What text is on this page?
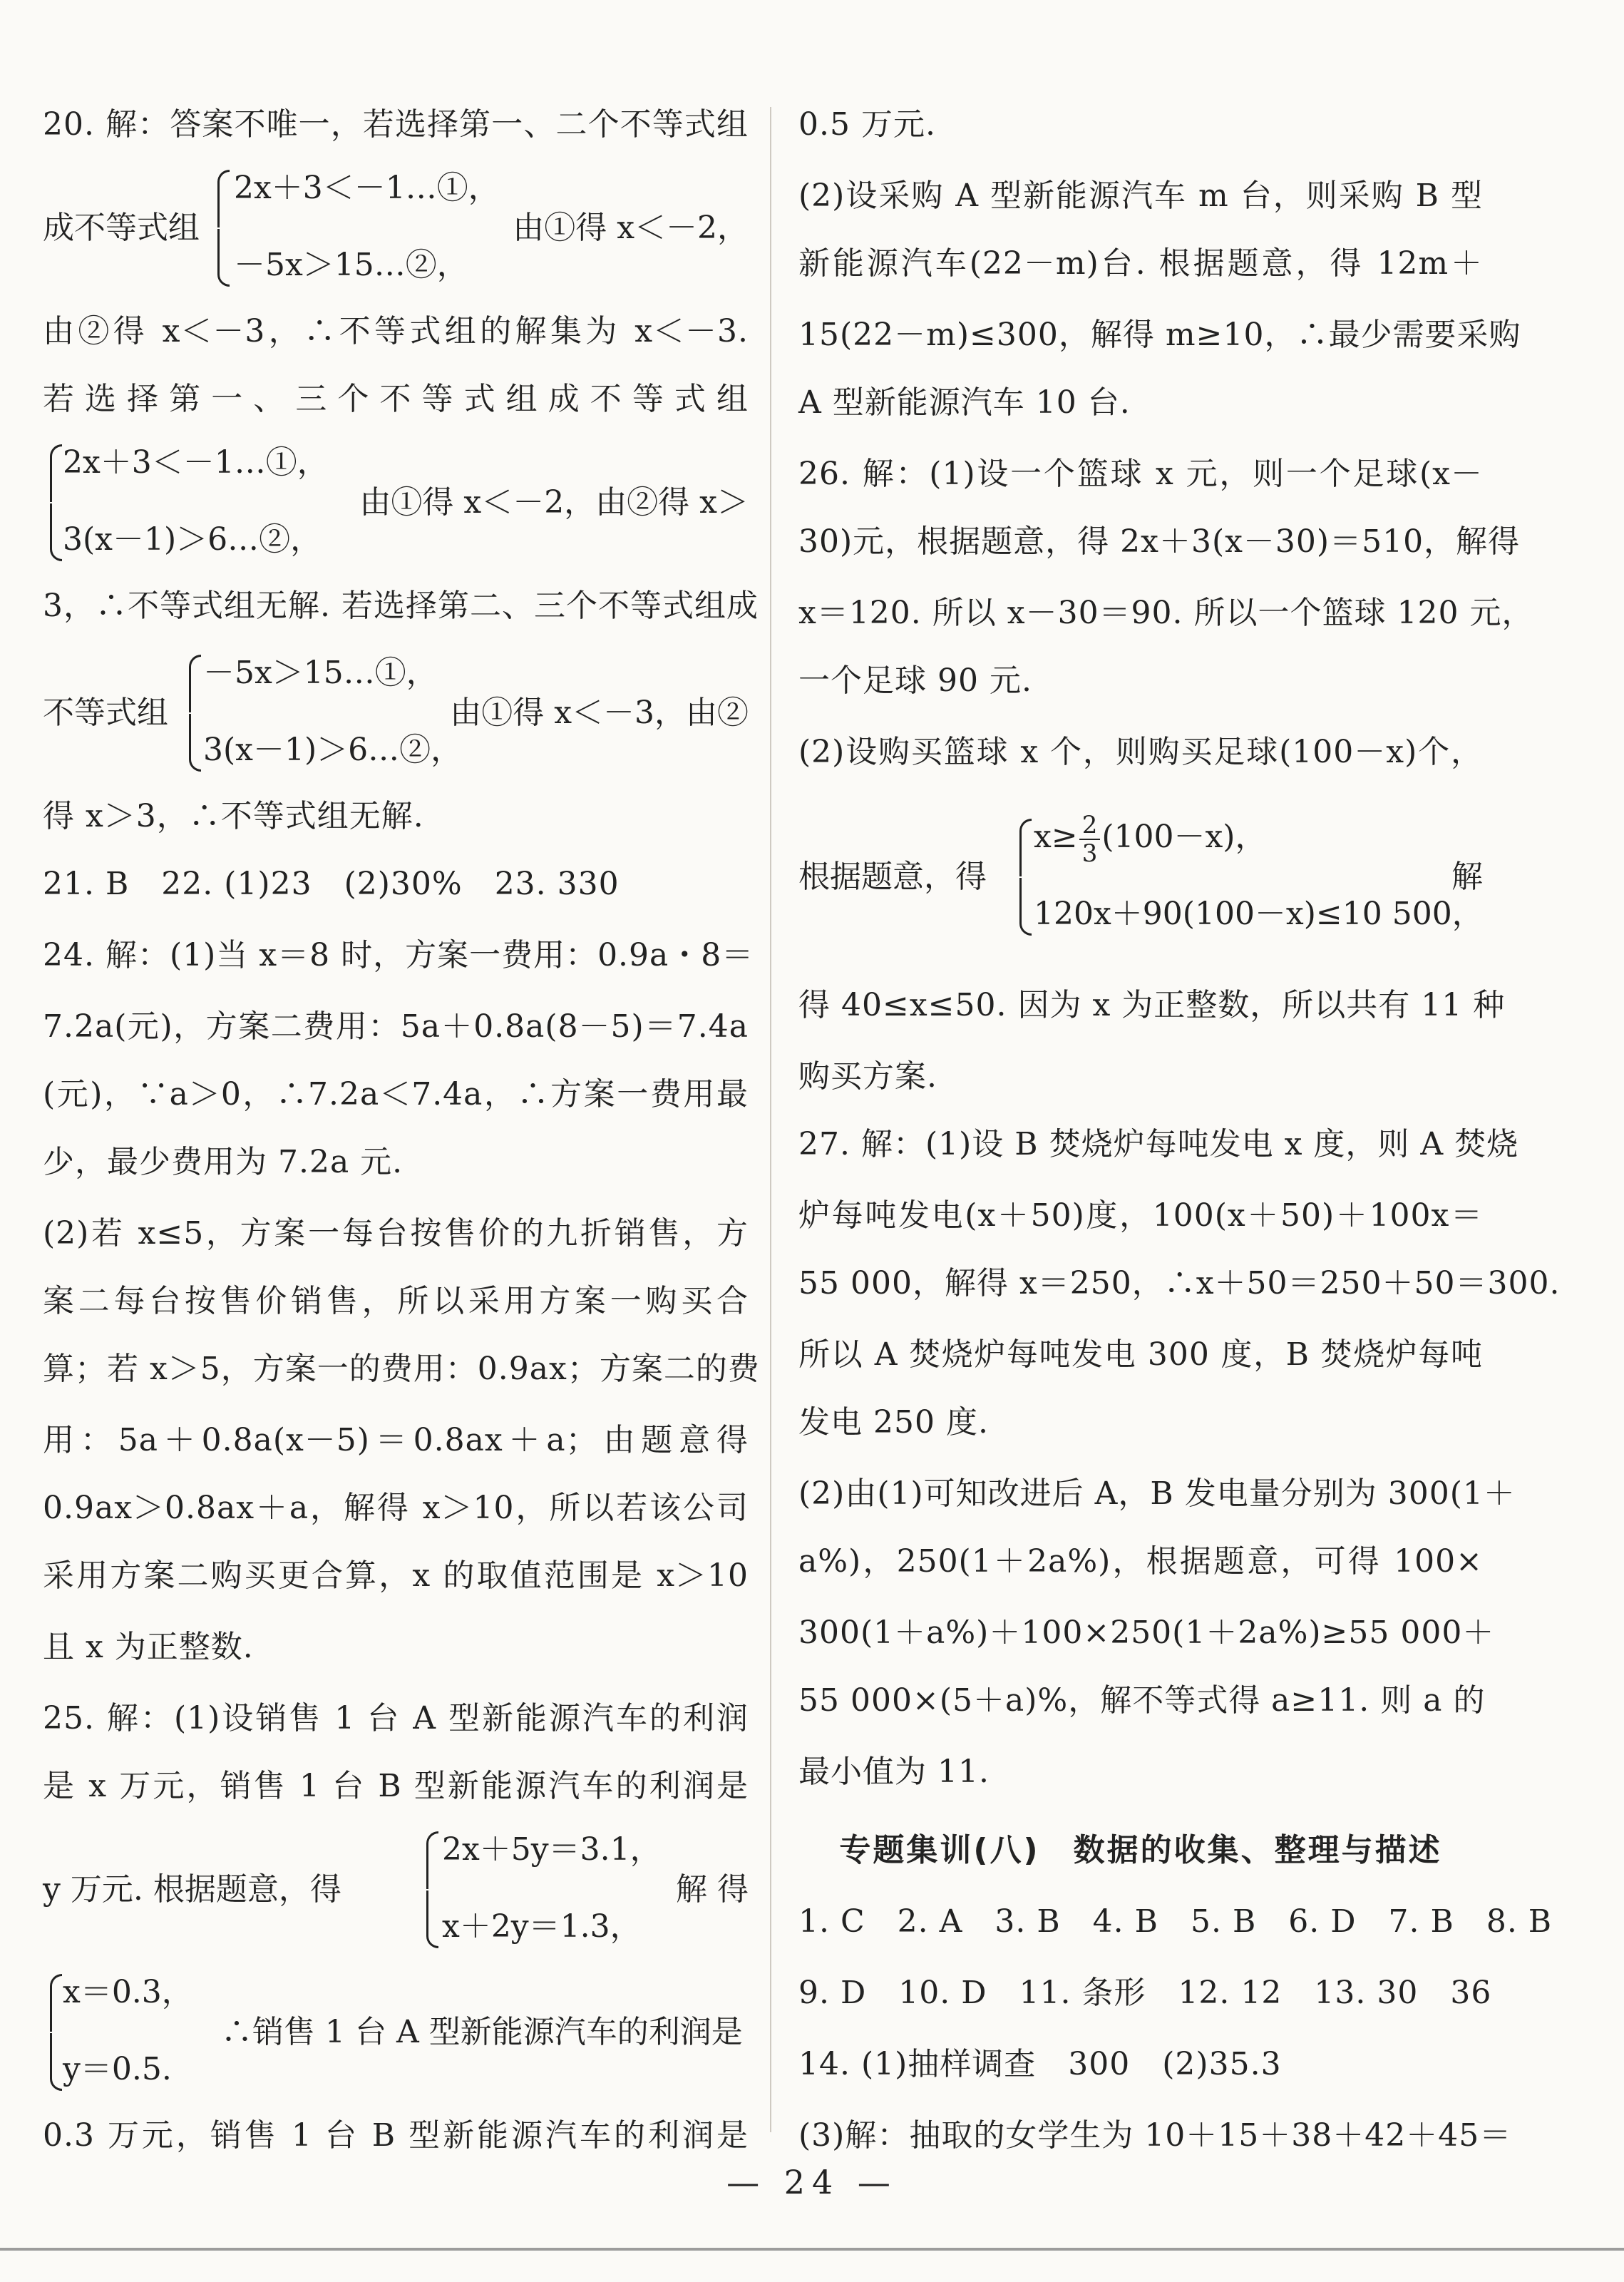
20. 解：答案不唯一，若选择第一、二个不等式组
成不等式组
2x＋3＜－1…①，
－5x＞15…②，
由①得 x＜－2，
由②得 x＜－3，∴不等式组的解集为 x＜－3.
若选择第一、三个不等式组成不等式组
2x＋3＜－1…①，
3(x－1)＞6…②，
由①得 x＜－2，由②得 x＞
3，∴不等式组无解. 若选择第二、三个不等式组成
不等式组
－5x＞15…①，
3(x－1)＞6…②，
由①得 x＜－3，由②
得 x＞3，∴不等式组无解.
21. B　22. (1)23　(2)30%　23. 330
24. 解：(1)当 x＝8 时，方案一费用：0.9a・8＝
7.2a(元)，方案二费用：5a＋0.8a(8－5)＝7.4a
(元)，∵a＞0，∴7.2a＜7.4a，∴方案一费用最
少，最少费用为 7.2a 元.
(2)若 x≤5，方案一每台按售价的九折销售，方
案二每台按售价销售，所以采用方案一购买合
算；若 x＞5，方案一的费用：0.9ax；方案二的费
用：5a＋0.8a(x－5)＝0.8ax＋a；由题意得
0.9ax＞0.8ax＋a，解得 x＞10，所以若该公司
采用方案二购买更合算，x 的取值范围是 x＞10
且 x 为正整数.
25. 解：(1)设销售 1 台 A 型新能源汽车的利润
是 x 万元，销售 1 台 B 型新能源汽车的利润是
y 万元. 根据题意，得
2x＋5y＝3.1，
x＋2y＝1.3，
解 得
x＝0.3，
y＝0.5.
∴销售 1 台 A 型新能源汽车的利润是
0.3 万元，销售 1 台 B 型新能源汽车的利润是
0.5 万元.
(2)设采购 A 型新能源汽车 m 台，则采购 B 型
新能源汽车(22－m)台. 根据题意，得 12m＋
15(22－m)≤300，解得 m≥10，∴最少需要采购
A 型新能源汽车 10 台.
26. 解：(1)设一个篮球 x 元，则一个足球(x－
30)元，根据题意，得 2x＋3(x－30)＝510，解得
x＝120. 所以 x－30＝90. 所以一个篮球 120 元，
一个足球 90 元.
(2)设购买篮球 x 个，则购买足球(100－x)个，
根据题意，得
$x\ge \frac{2}{3} (100-x)$，
120x＋90(100－x)≤10 500，
解
得 40≤x≤50. 因为 x 为正整数，所以共有 11 种
购买方案.
27. 解：(1)设 B 焚烧炉每吨发电 x 度，则 A 焚烧
炉每吨发电(x＋50)度，100(x＋50)＋100x＝
55 000，解得 x＝250，∴x＋50＝250＋50＝300.
所以 A 焚烧炉每吨发电 300 度，B 焚烧炉每吨
发电 250 度.
(2)由(1)可知改进后 A，B 发电量分别为 300(1＋
a%)，250(1＋2a%)，根据题意，可得 100×
300(1＋a%)＋100×250(1＋2a%)≥55 000＋
55 000×(5＋a)%，解不等式得 a≥11. 则 a 的
最小值为 11.
专题集训(八)　数据的收集、整理与描述
1. C　2. A　3. B　4. B　5. B　6. D　7. B　8. B
9. D　10. D　11. 条形　12. 12　13. 30　36
14. (1)抽样调查　300　(2)35.3
(3)解：抽取的女学生为 10＋15＋38＋42＋45＝
— 24 —
